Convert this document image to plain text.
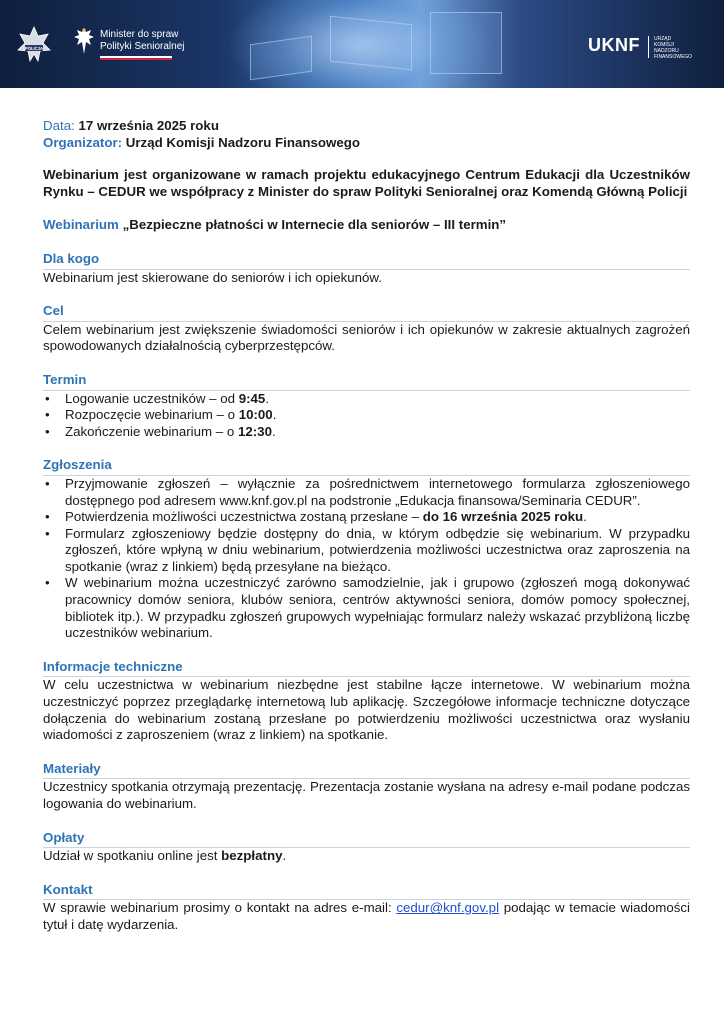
POLICJA
Minister do spraw
Polityki Senioralnej	UKNF	URZĄD
KOMISJI
NADZORU
FINANSOWEGO

Data: 17 września 2025 roku

Organizator: Urząd Komisji Nadzoru Finansowego

Webinarium jest organizowane w ramach projektu edukacyjnego Centrum Edukacji dla Uczestników Rynku – CEDUR we współpracy z Minister do spraw Polityki Senioralnej oraz Komendą Główną Policji

Webinarium „Bezpieczne płatności w Internecie dla seniorów – III termin”

Dla kogo

Webinarium jest skierowane do seniorów i ich opiekunów.

Cel

Celem webinarium jest zwiększenie świadomości seniorów i ich opiekunów w zakresie aktualnych zagrożeń spowodowanych działalnością cyberprzestępców.

Termin
• Logowanie uczestników – od 9:45.
• Rozpoczęcie webinarium – o 10:00.
• Zakończenie webinarium – o 12:30.
Zgłoszenia
• Przyjmowanie zgłoszeń – wyłącznie za pośrednictwem internetowego formularza zgłoszeniowego dostępnego pod adresem www.knf.gov.pl na podstronie „Edukacja finansowa/Seminaria CEDUR”.
• Potwierdzenia możliwości uczestnictwa zostaną przesłane – do 16 września 2025 roku.
• Formularz zgłoszeniowy będzie dostępny do dnia, w którym odbędzie się webinarium. W przypadku zgłoszeń, które wpłyną w dniu webinarium, potwierdzenia możliwości uczestnictwa oraz zaproszenia na spotkanie (wraz z linkiem) będą przesyłane na bieżąco.
• W webinarium można uczestniczyć zarówno samodzielnie, jak i grupowo (zgłoszeń mogą dokonywać pracownicy domów seniora, klubów seniora, centrów aktywności seniora, domów pomocy społecznej, bibliotek itp.). W przypadku zgłoszeń grupowych wypełniając formularz należy wskazać przybliżoną liczbę uczestników webinarium.
Informacje techniczne

W celu uczestnictwa w webinarium niezbędne jest stabilne łącze internetowe. W webinarium można uczestniczyć poprzez przeglądarkę internetową lub aplikację. Szczegółowe informacje techniczne dotyczące dołączenia do webinarium zostaną przesłane po potwierdzeniu możliwości uczestnictwa oraz wysłaniu wiadomości z zaproszeniem (wraz z linkiem) na spotkanie.

Materiały

Uczestnicy spotkania otrzymają prezentację. Prezentacja zostanie wysłana na adresy e-mail podane podczas logowania do webinarium.

Opłaty

Udział w spotkaniu online jest bezpłatny.

Kontakt

W sprawie webinarium prosimy o kontakt na adres e-mail: cedur@knf.gov.pl podając w temacie wiadomości tytuł i datę wydarzenia.
